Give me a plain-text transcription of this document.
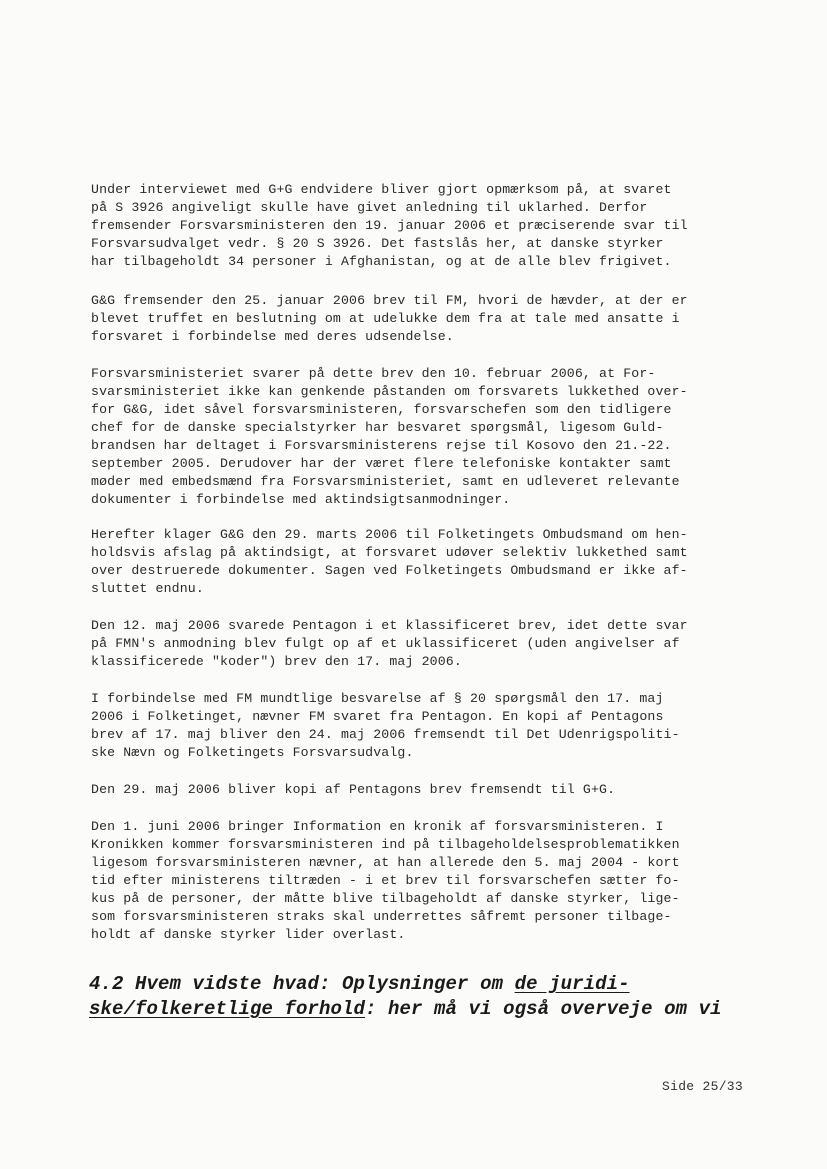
Under interviewet med G+G endvidere bliver gjort opmærksom på, at svaret
på S 3926 angiveligt skulle have givet anledning til uklarhed. Derfor
fremsender Forsvarsministeren den 19. januar 2006 et præciserende svar til
Forsvarsudvalget vedr. § 20 S 3926. Det fastslås her, at danske styrker
har tilbageholdt 34 personer i Afghanistan, og at de alle blev frigivet.
G&G fremsender den 25. januar 2006 brev til FM, hvori de hævder, at der er
blevet truffet en beslutning om at udelukke dem fra at tale med ansatte i
forsvaret i forbindelse med deres udsendelse.
Forsvarsministeriet svarer på dette brev den 10. februar 2006, at For-
svarsministeriet ikke kan genkende påstanden om forsvarets lukkethed over-
for G&G, idet såvel forsvarsministeren, forsvarschefen som den tidligere
chef for de danske specialstyrker har besvaret spørgsmål, ligesom Guld-
brandsen har deltaget i Forsvarsministerens rejse til Kosovo den 21.-22.
september 2005. Derudover har der været flere telefoniske kontakter samt
møder med embedsmænd fra Forsvarsministeriet, samt en udleveret relevante
dokumenter i forbindelse med aktindsigtsanmodninger.
Herefter klager G&G den 29. marts 2006 til Folketingets Ombudsmand om hen-
holdsvis afslag på aktindsigt, at forsvaret udøver selektiv lukkethed samt
over destruerede dokumenter. Sagen ved Folketingets Ombudsmand er ikke af-
sluttet endnu.
Den 12. maj 2006 svarede Pentagon i et klassificeret brev, idet dette svar
på FMN's anmodning blev fulgt op af et uklassificeret (uden angivelser af
klassificerede "koder") brev den 17. maj 2006.
I forbindelse med FM mundtlige besvarelse af § 20 spørgsmål den 17. maj
2006 i Folketinget, nævner FM svaret fra Pentagon. En kopi af Pentagons
brev af 17. maj bliver den 24. maj 2006 fremsendt til Det Udenrigspoliti-
ske Nævn og Folketingets Forsvarsudvalg.
Den 29. maj 2006 bliver kopi af Pentagons brev fremsendt til G+G.
Den 1. juni 2006 bringer Information en kronik af forsvarsministeren. I
Kronikken kommer forsvarsministeren ind på tilbageholdelsesproblematikken
ligesom forsvarsministeren nævner, at han allerede den 5. maj 2004 - kort
tid efter ministerens tiltræden - i et brev til forsvarschefen sætter fo-
kus på de personer, der måtte blive tilbageholdt af danske styrker, lige-
som forsvarsministeren straks skal underrettes såfremt personer tilbage-
holdt af danske styrker lider overlast.
4.2 Hvem vidste hvad: Oplysninger om de juridi-
ske/folkeretlige forhold: her må vi også overveje om vi
Side 25/33
